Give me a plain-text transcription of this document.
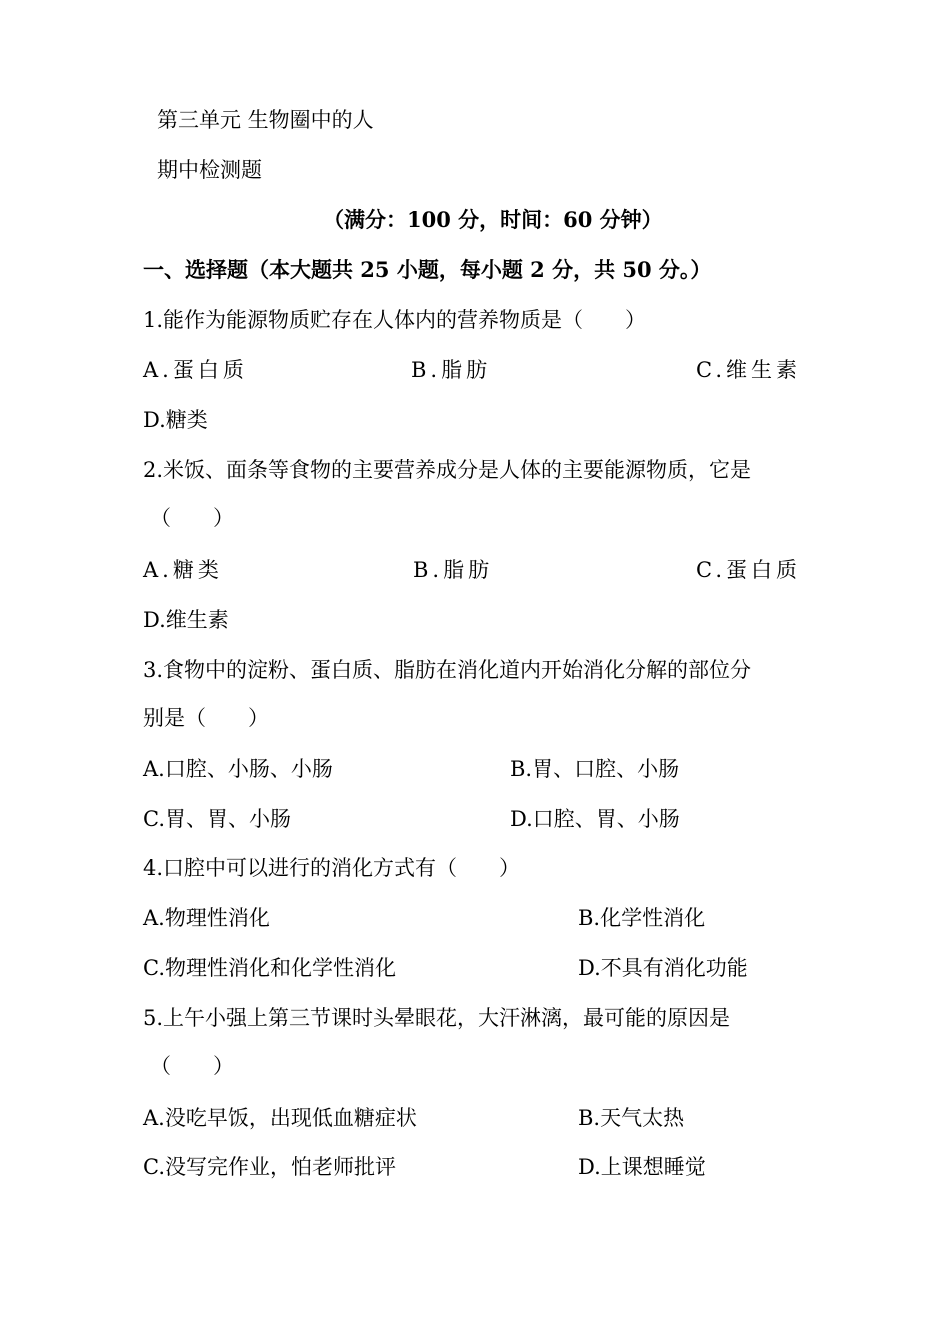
第三单元 生物圈中的人
期中检测题
（满分：100 分，时间：60 分钟）
一、选择题（本大题共 25 小题，每小题 2 分，共 50 分。）
1.能作为能源物质贮存在人体内的营养物质是（　　）
A.蛋白质	B.脂肪	C.维生素
D.糖类
2.米饭、面条等食物的主要营养成分是人体的主要能源物质，它是
（　　）
A.糖类	B.脂肪	C.蛋白质
D.维生素
3.食物中的淀粉、蛋白质、脂肪在消化道内开始消化分解的部位分
别是（　　）
A.口腔、小肠、小肠	B.胃、口腔、小肠
C.胃、胃、小肠	D.口腔、胃、小肠
4.口腔中可以进行的消化方式有（　　）
A.物理性消化	B.化学性消化
C.物理性消化和化学性消化	D.不具有消化功能
5.上午小强上第三节课时头晕眼花，大汗淋漓，最可能的原因是
（　　）
A.没吃早饭，出现低血糖症状	B.天气太热
C.没写完作业，怕老师批评	D.上课想睡觉
